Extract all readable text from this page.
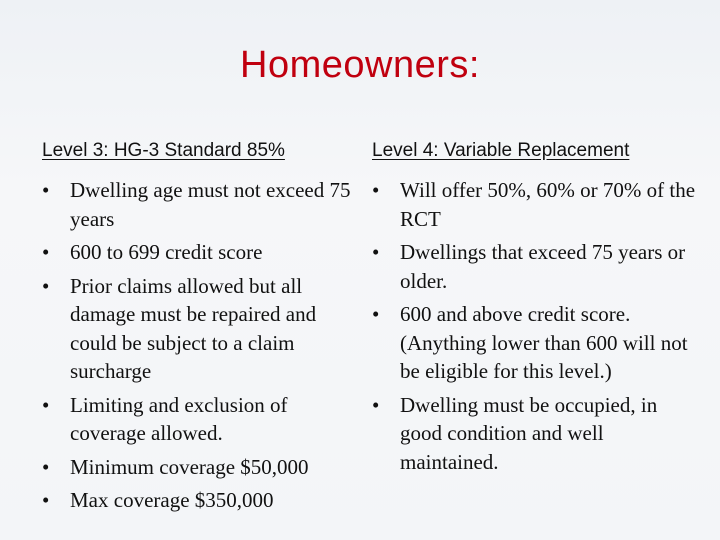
Homeowners:
Level 3: HG-3 Standard 85%
• Dwelling age must not exceed 75 years
• 600 to 699 credit score
• Prior claims allowed but all damage must be repaired and could be subject to a claim surcharge
• Limiting and exclusion of coverage allowed.
• Minimum coverage $50,000
• Max coverage $350,000
Level 4: Variable Replacement
• Will offer 50%, 60% or 70% of the RCT
• Dwellings that exceed 75 years or older.
• 600 and above credit score. (Anything lower than 600 will not be eligible for this level.)
• Dwelling must be occupied, in good condition and well maintained.
